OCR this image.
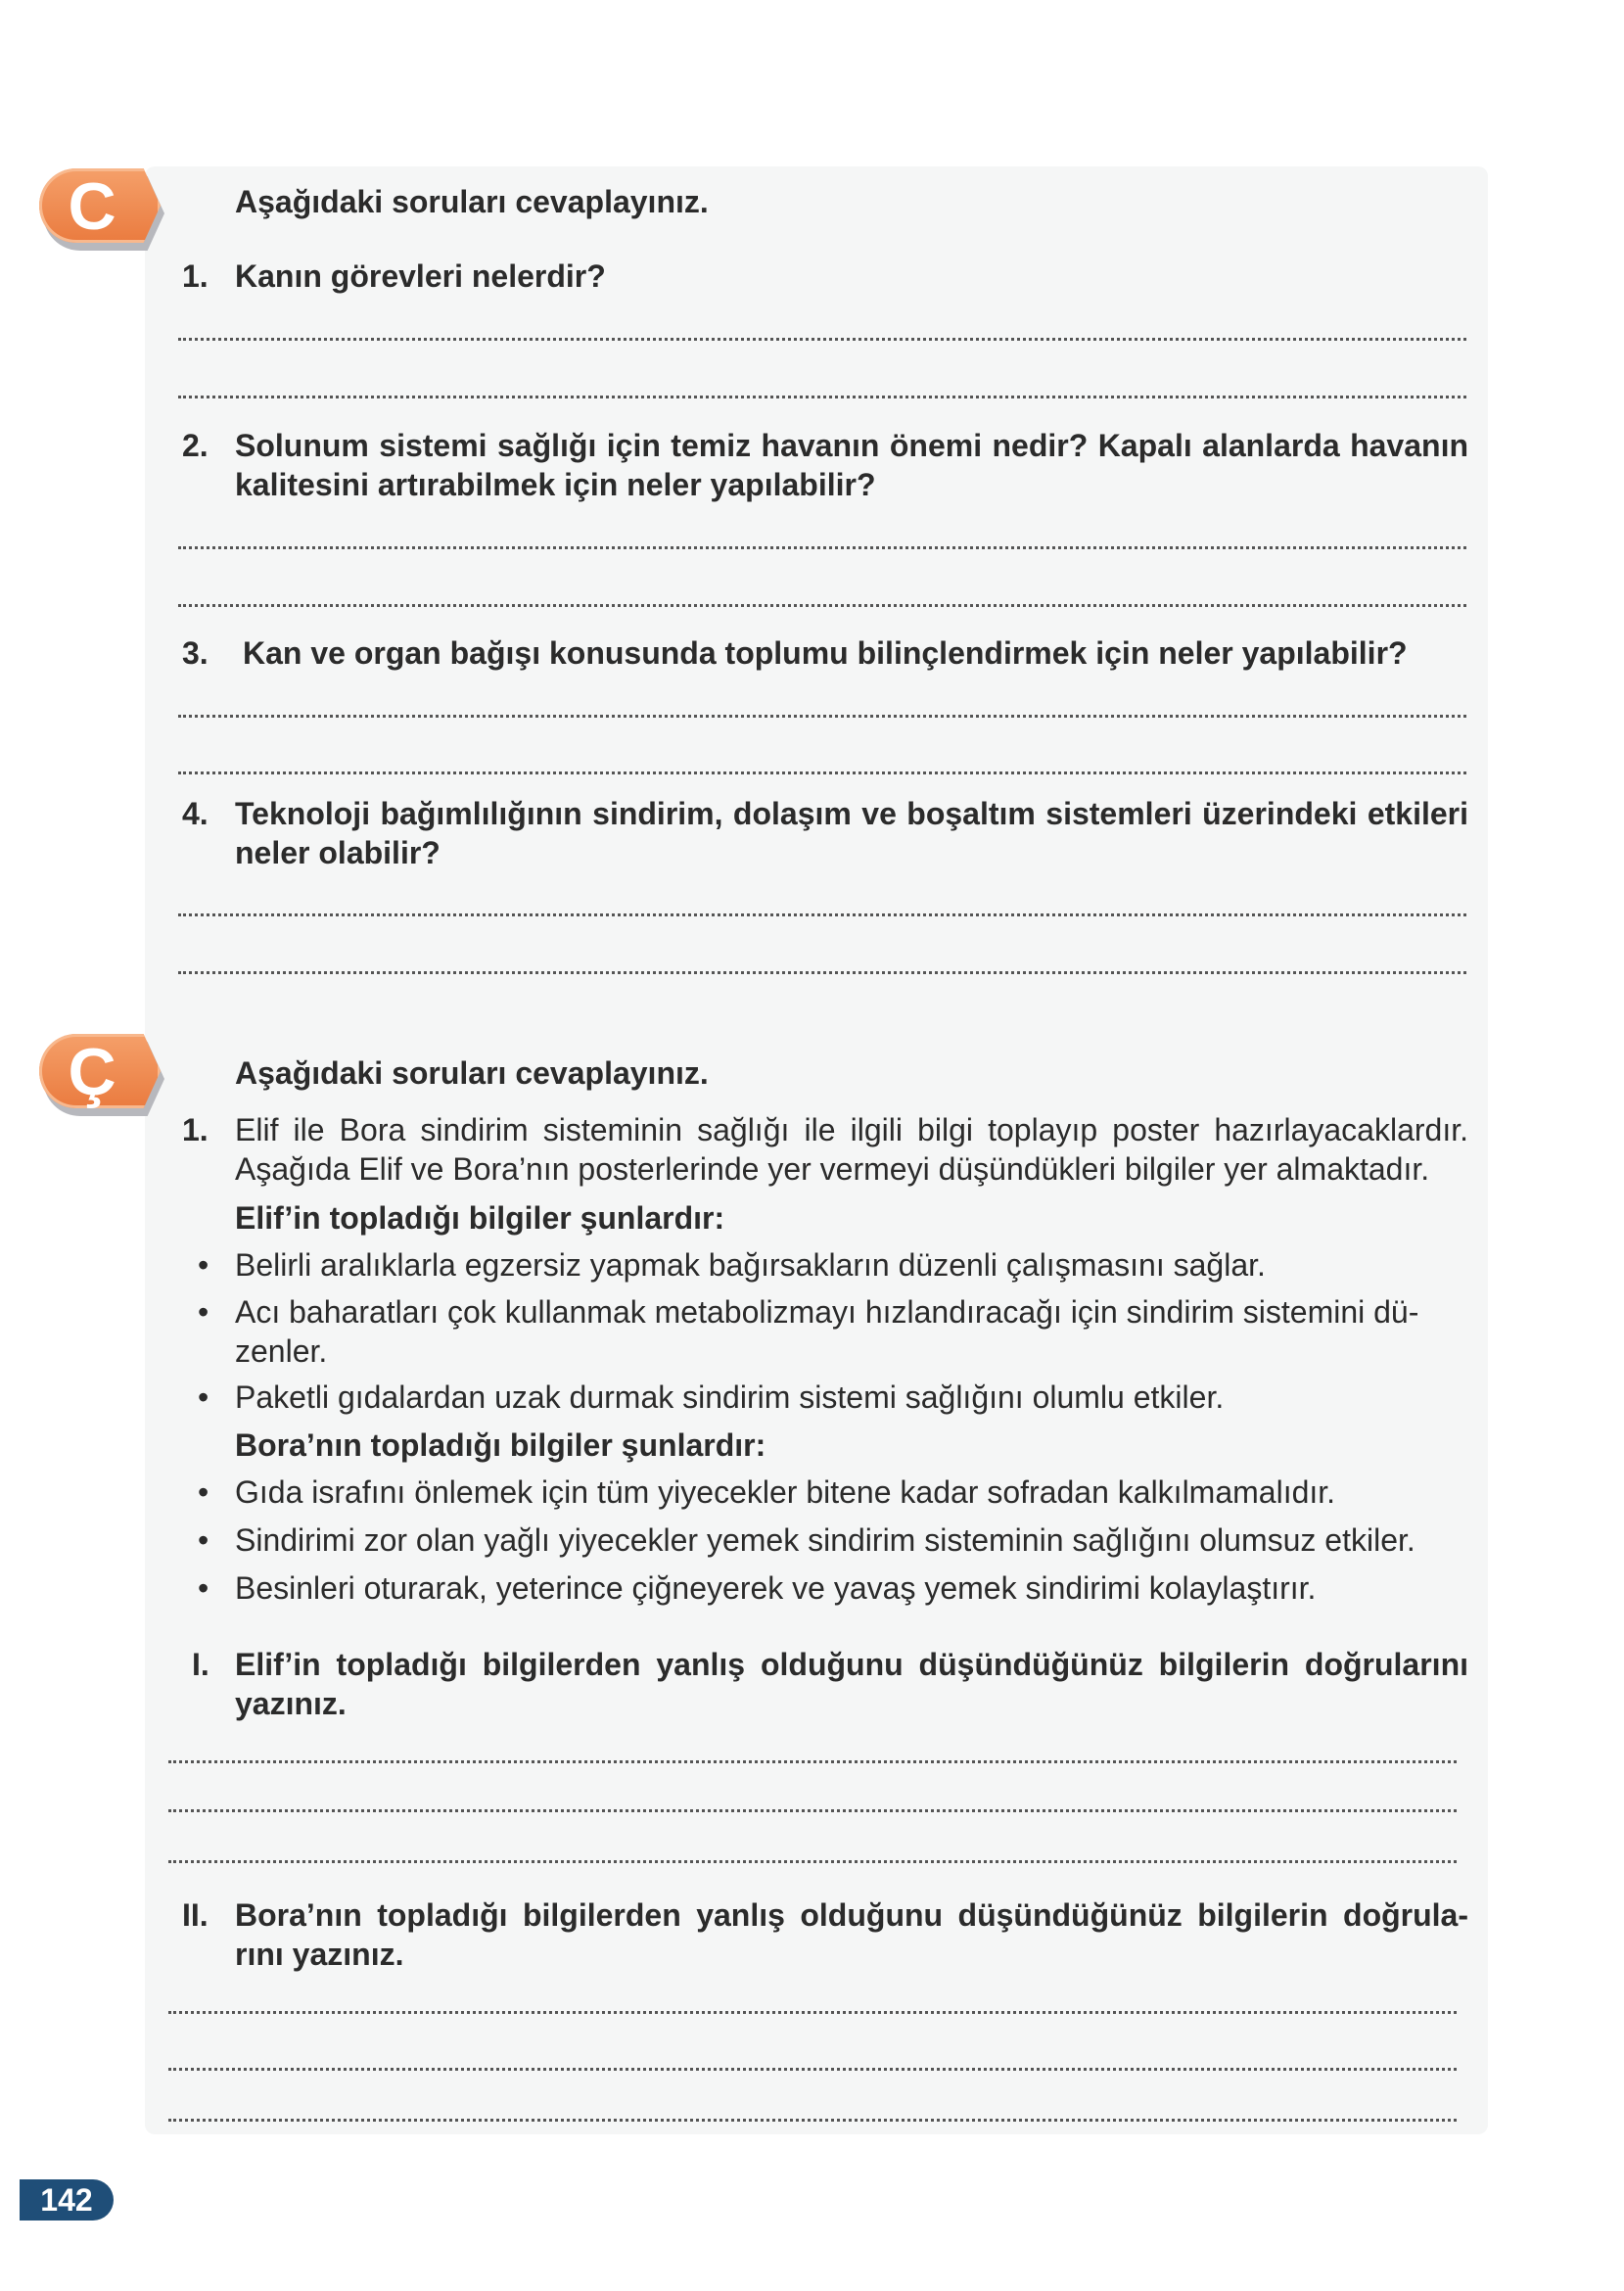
C	Aşağıdaki soruları cevaplayınız.
1. Kanın görevleri nelerdir?
2. Solunum sistemi sağlığı için temiz havanın önemi nedir? Kapalı alanlarda havanın kalitesini artırabilmek için neler yapılabilir?
3. Kan ve organ bağışı konusunda toplumu bilinçlendirmek için neler yapılabilir?
4. Teknoloji bağımlılığının sindirim, dolaşım ve boşaltım sistemleri üzerindeki etkileri neler olabilir?
Ç	Aşağıdaki soruları cevaplayınız.
1. Elif ile Bora sindirim sisteminin sağlığı ile ilgili bilgi toplayıp poster hazırlayacaklardır. Aşağıda Elif ve Bora’nın posterlerinde yer vermeyi düşündükleri bilgiler yer almaktadır.
Elif’in topladığı bilgiler şunlardır:
• Belirli aralıklarla egzersiz yapmak bağırsakların düzenli çalışmasını sağlar.
• Acı baharatları çok kullanmak metabolizmayı hızlandıracağı için sindirim sistemini dü-
zenler.
• Paketli gıdalardan uzak durmak sindirim sistemi sağlığını olumlu etkiler.
Bora’nın topladığı bilgiler şunlardır:
• Gıda israfını önlemek için tüm yiyecekler bitene kadar sofradan kalkılmamalıdır.
• Sindirimi zor olan yağlı yiyecekler yemek sindirim sisteminin sağlığını olumsuz etkiler.
• Besinleri oturarak, yeterince çiğneyerek ve yavaş yemek sindirimi kolaylaştırır.
I. Elif’in topladığı bilgilerden yanlış olduğunu düşündüğünüz bilgilerin doğrularını yazınız.
II. Bora’nın topladığı bilgilerden yanlış olduğunu düşündüğünüz bilgilerin doğrula-rını yazınız.
142
